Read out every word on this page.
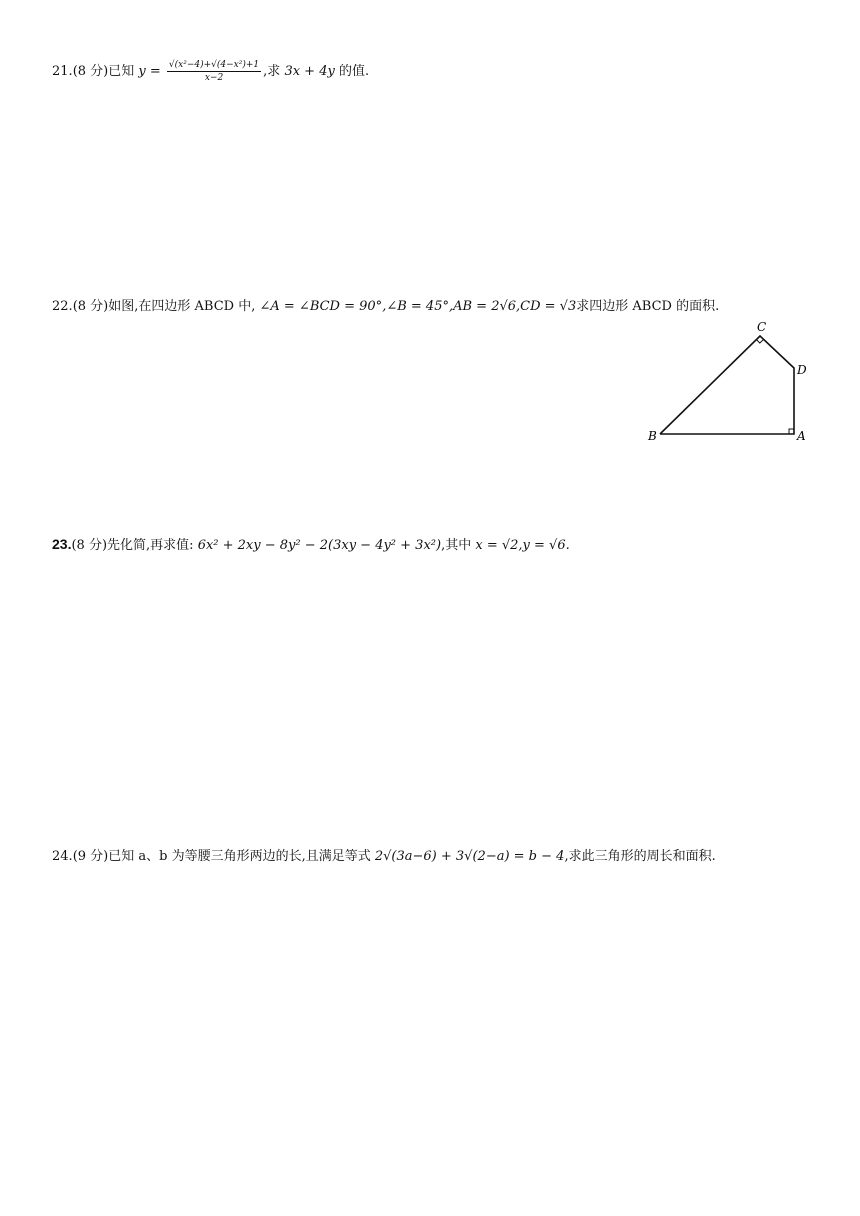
21.(8 分)已知 $y = \frac{\text{√(x²−4)+√(4−x²)+1}}{x-2}$ ,求 3x + 4y 的值.
22.(8 分)如图,在四边形 ABCD 中, ∠A = ∠BCD = 90°,∠B = 45°,AB = 2√6,CD = √3求四边形 ABCD 的面积.
B	A
D
C
23.(8 分)先化简,再求值: 6x² + 2xy − 8y² − 2(3xy − 4y² + 3x²),其中 x = √2,y = √6.
24.(9 分)已知 a、b 为等腰三角形两边的长,且满足等式 2√(3a−6) + 3√(2−a) = b − 4,求此三角形的周长和面积.
